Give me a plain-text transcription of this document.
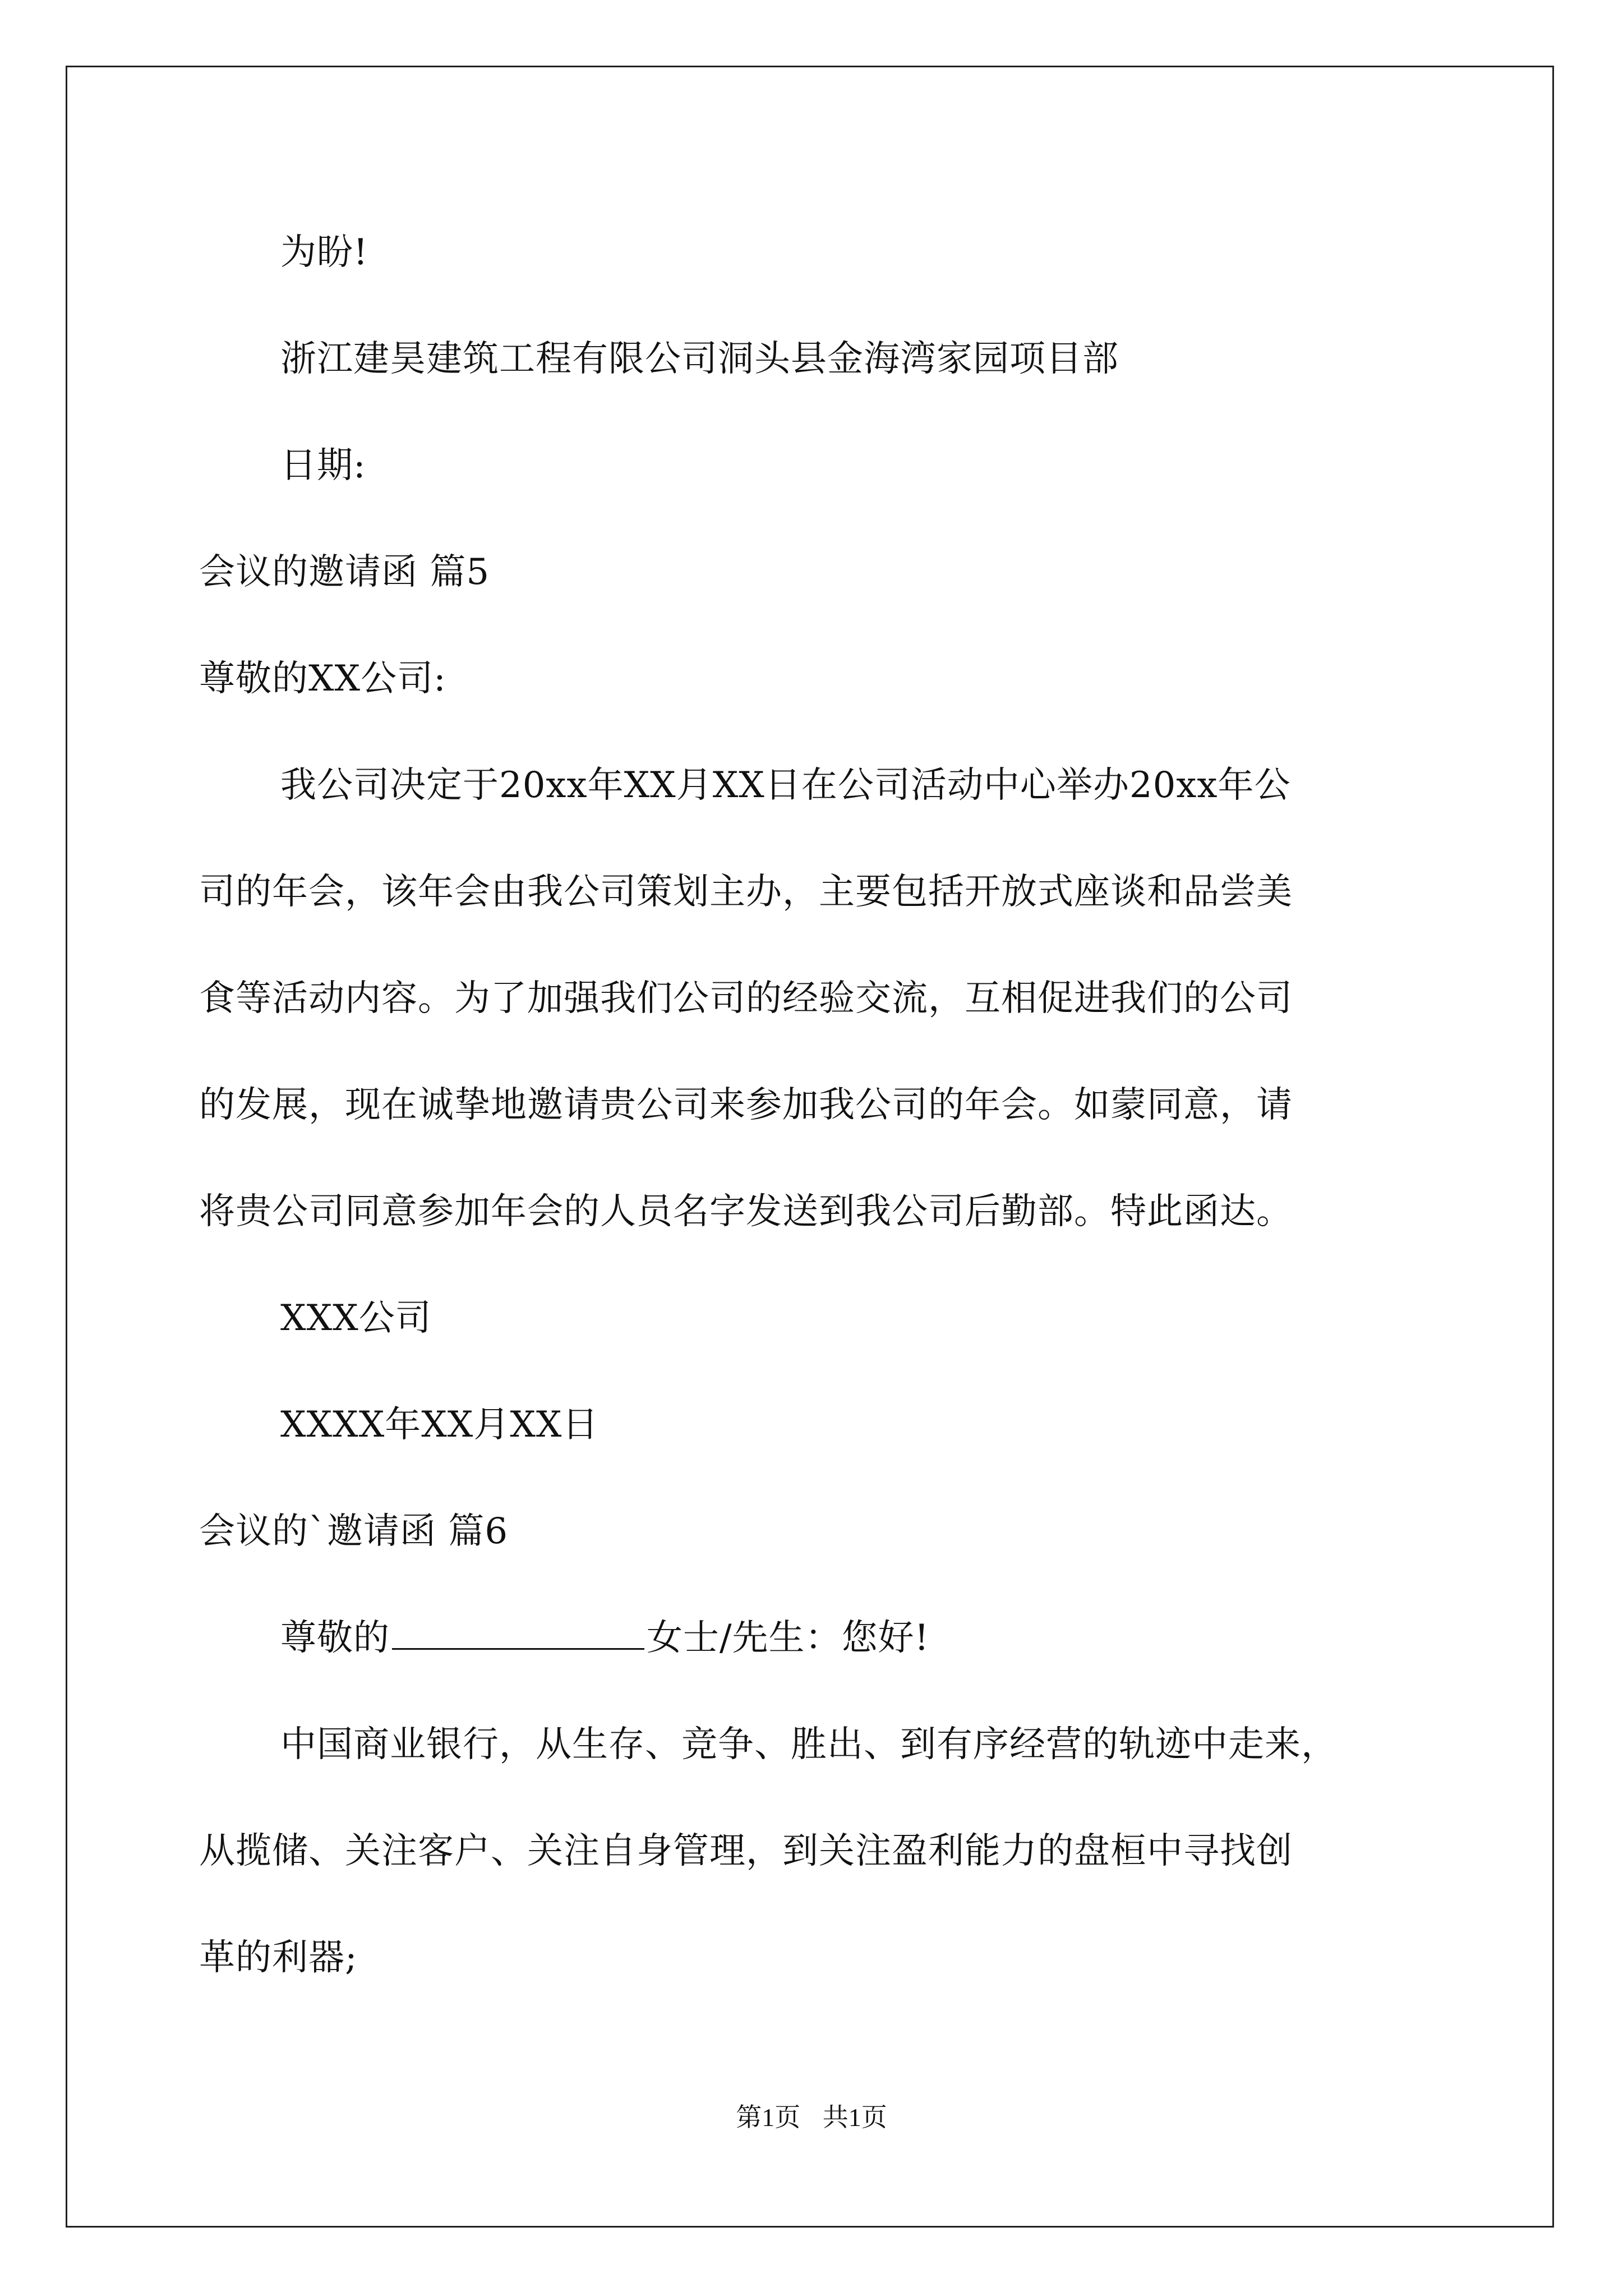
为盼!
浙江建昊建筑工程有限公司洞头县金海湾家园项目部
日期:
会议的邀请函 篇5
尊敬的XX公司:
我公司决定于20xx年XX月XX日在公司活动中心举办20xx年公
司的年会，该年会由我公司策划主办，主要包括开放式座谈和品尝美
食等活动内容。为了加强我们公司的经验交流，互相促进我们的公司
的发展，现在诚挚地邀请贵公司来参加我公司的年会。如蒙同意，请
将贵公司同意参加年会的人员名字发送到我公司后勤部。特此函达。
XXX公司
XXXX年XX月XX日
会议的`邀请函 篇6
尊敬的	女士/先生：您好!
中国商业银行，从生存、竞争、胜出、到有序经营的轨迹中走来，
从揽储、关注客户、关注自身管理，到关注盈利能力的盘桓中寻找创
革的利器;
第1页 共1页
